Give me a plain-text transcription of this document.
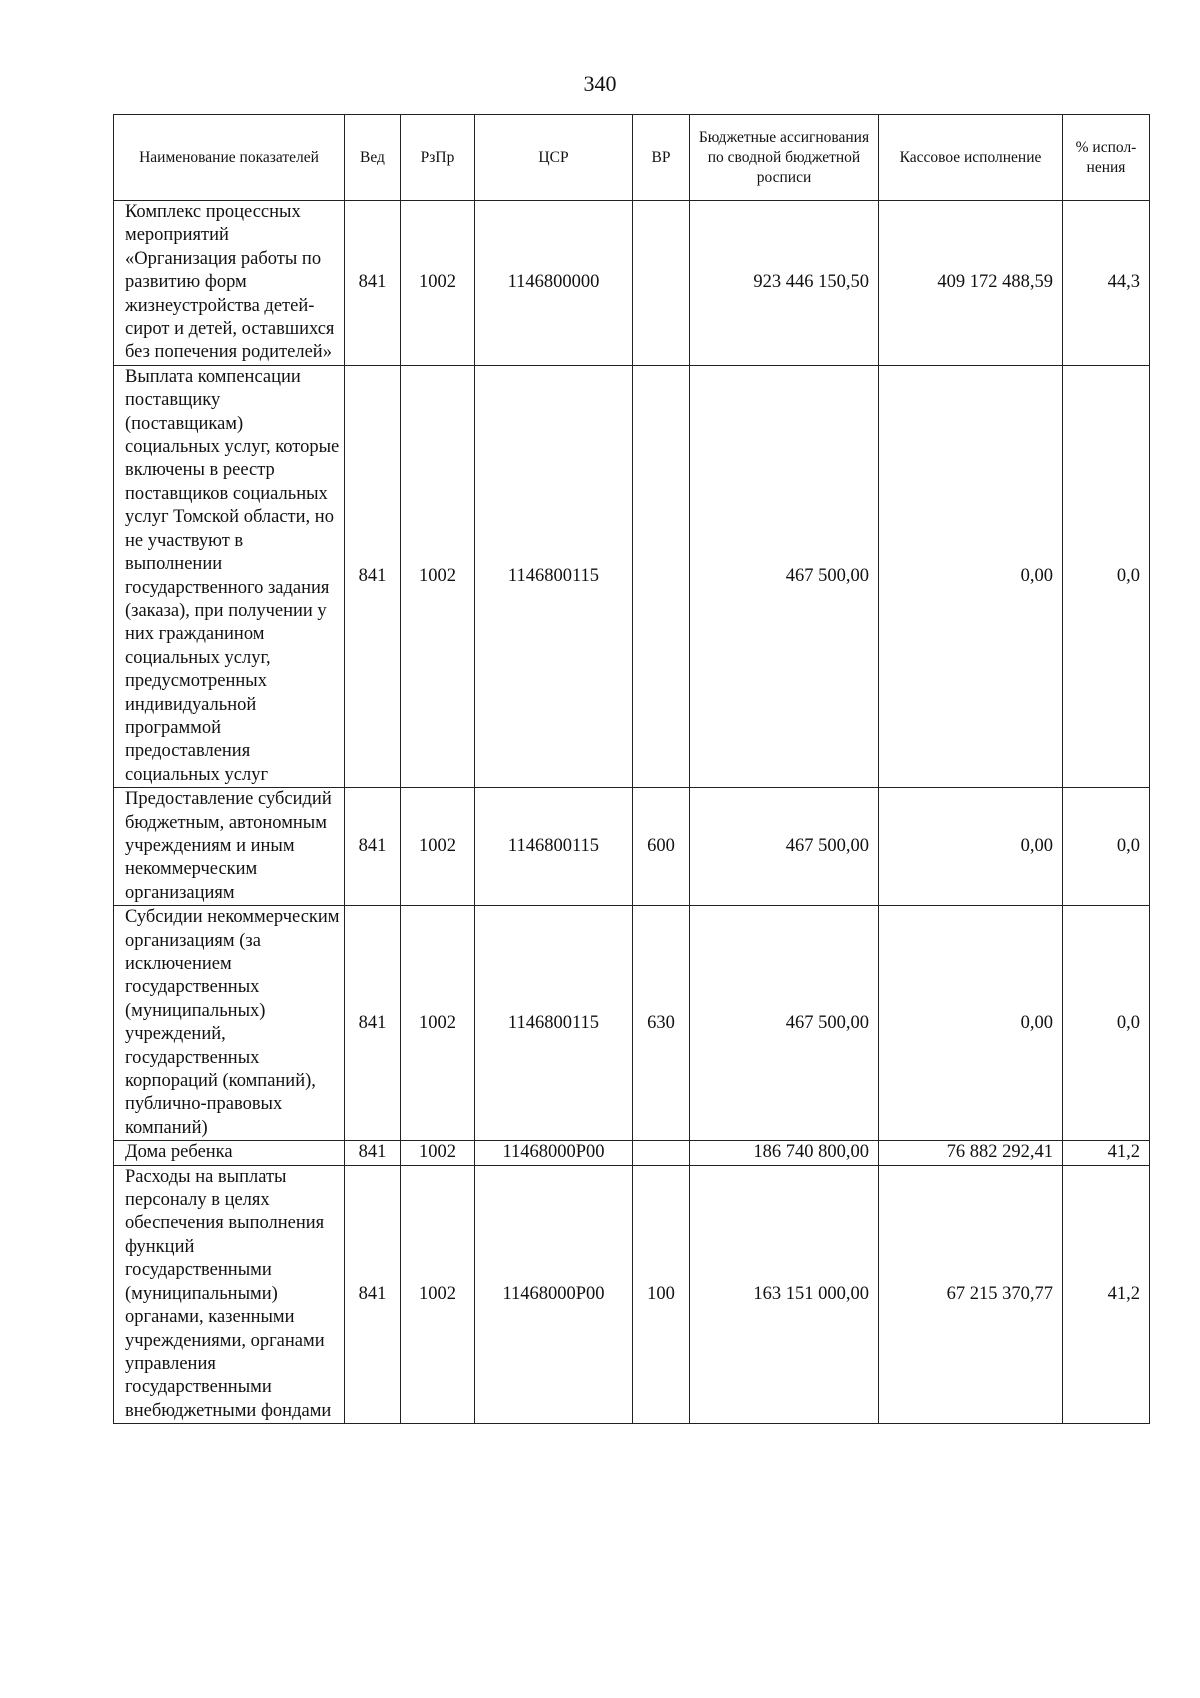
340
Наименование показателей	Вед	РзПр	ЦСР	ВР	Бюджетные ассигнования по сводной бюджетной росписи	Кассовое исполнение	% испол-нения
Комплекс процессных мероприятий «Организация работы по развитию форм жизнеустройства детей-сирот и детей, оставшихся без попечения родителей»	841	1002	1146800000		923 446 150,50	409 172 488,59	44,3
Выплата компенсации поставщику (поставщикам) социальных услуг, которые включены в реестр поставщиков социальных услуг Томской области, но не участвуют в выполнении государственного задания (заказа), при получении у них гражданином социальных услуг, предусмотренных индивидуальной программой предоставления социальных услуг	841	1002	1146800115		467 500,00	0,00	0,0
Предоставление субсидий бюджетным, автономным учреждениям и иным некоммерческим организациям	841	1002	1146800115	600	467 500,00	0,00	0,0
Субсидии некоммерческим организациям (за исключением государственных (муниципальных) учреждений, государственных корпораций (компаний), публично-правовых компаний)	841	1002	1146800115	630	467 500,00	0,00	0,0
Дома ребенка	841	1002	11468000Р00		186 740 800,00	76 882 292,41	41,2
Расходы на выплаты персоналу в целях обеспечения выполнения функций государственными (муниципальными) органами, казенными учреждениями, органами управления государственными внебюджетными фондами	841	1002	11468000Р00	100	163 151 000,00	67 215 370,77	41,2
